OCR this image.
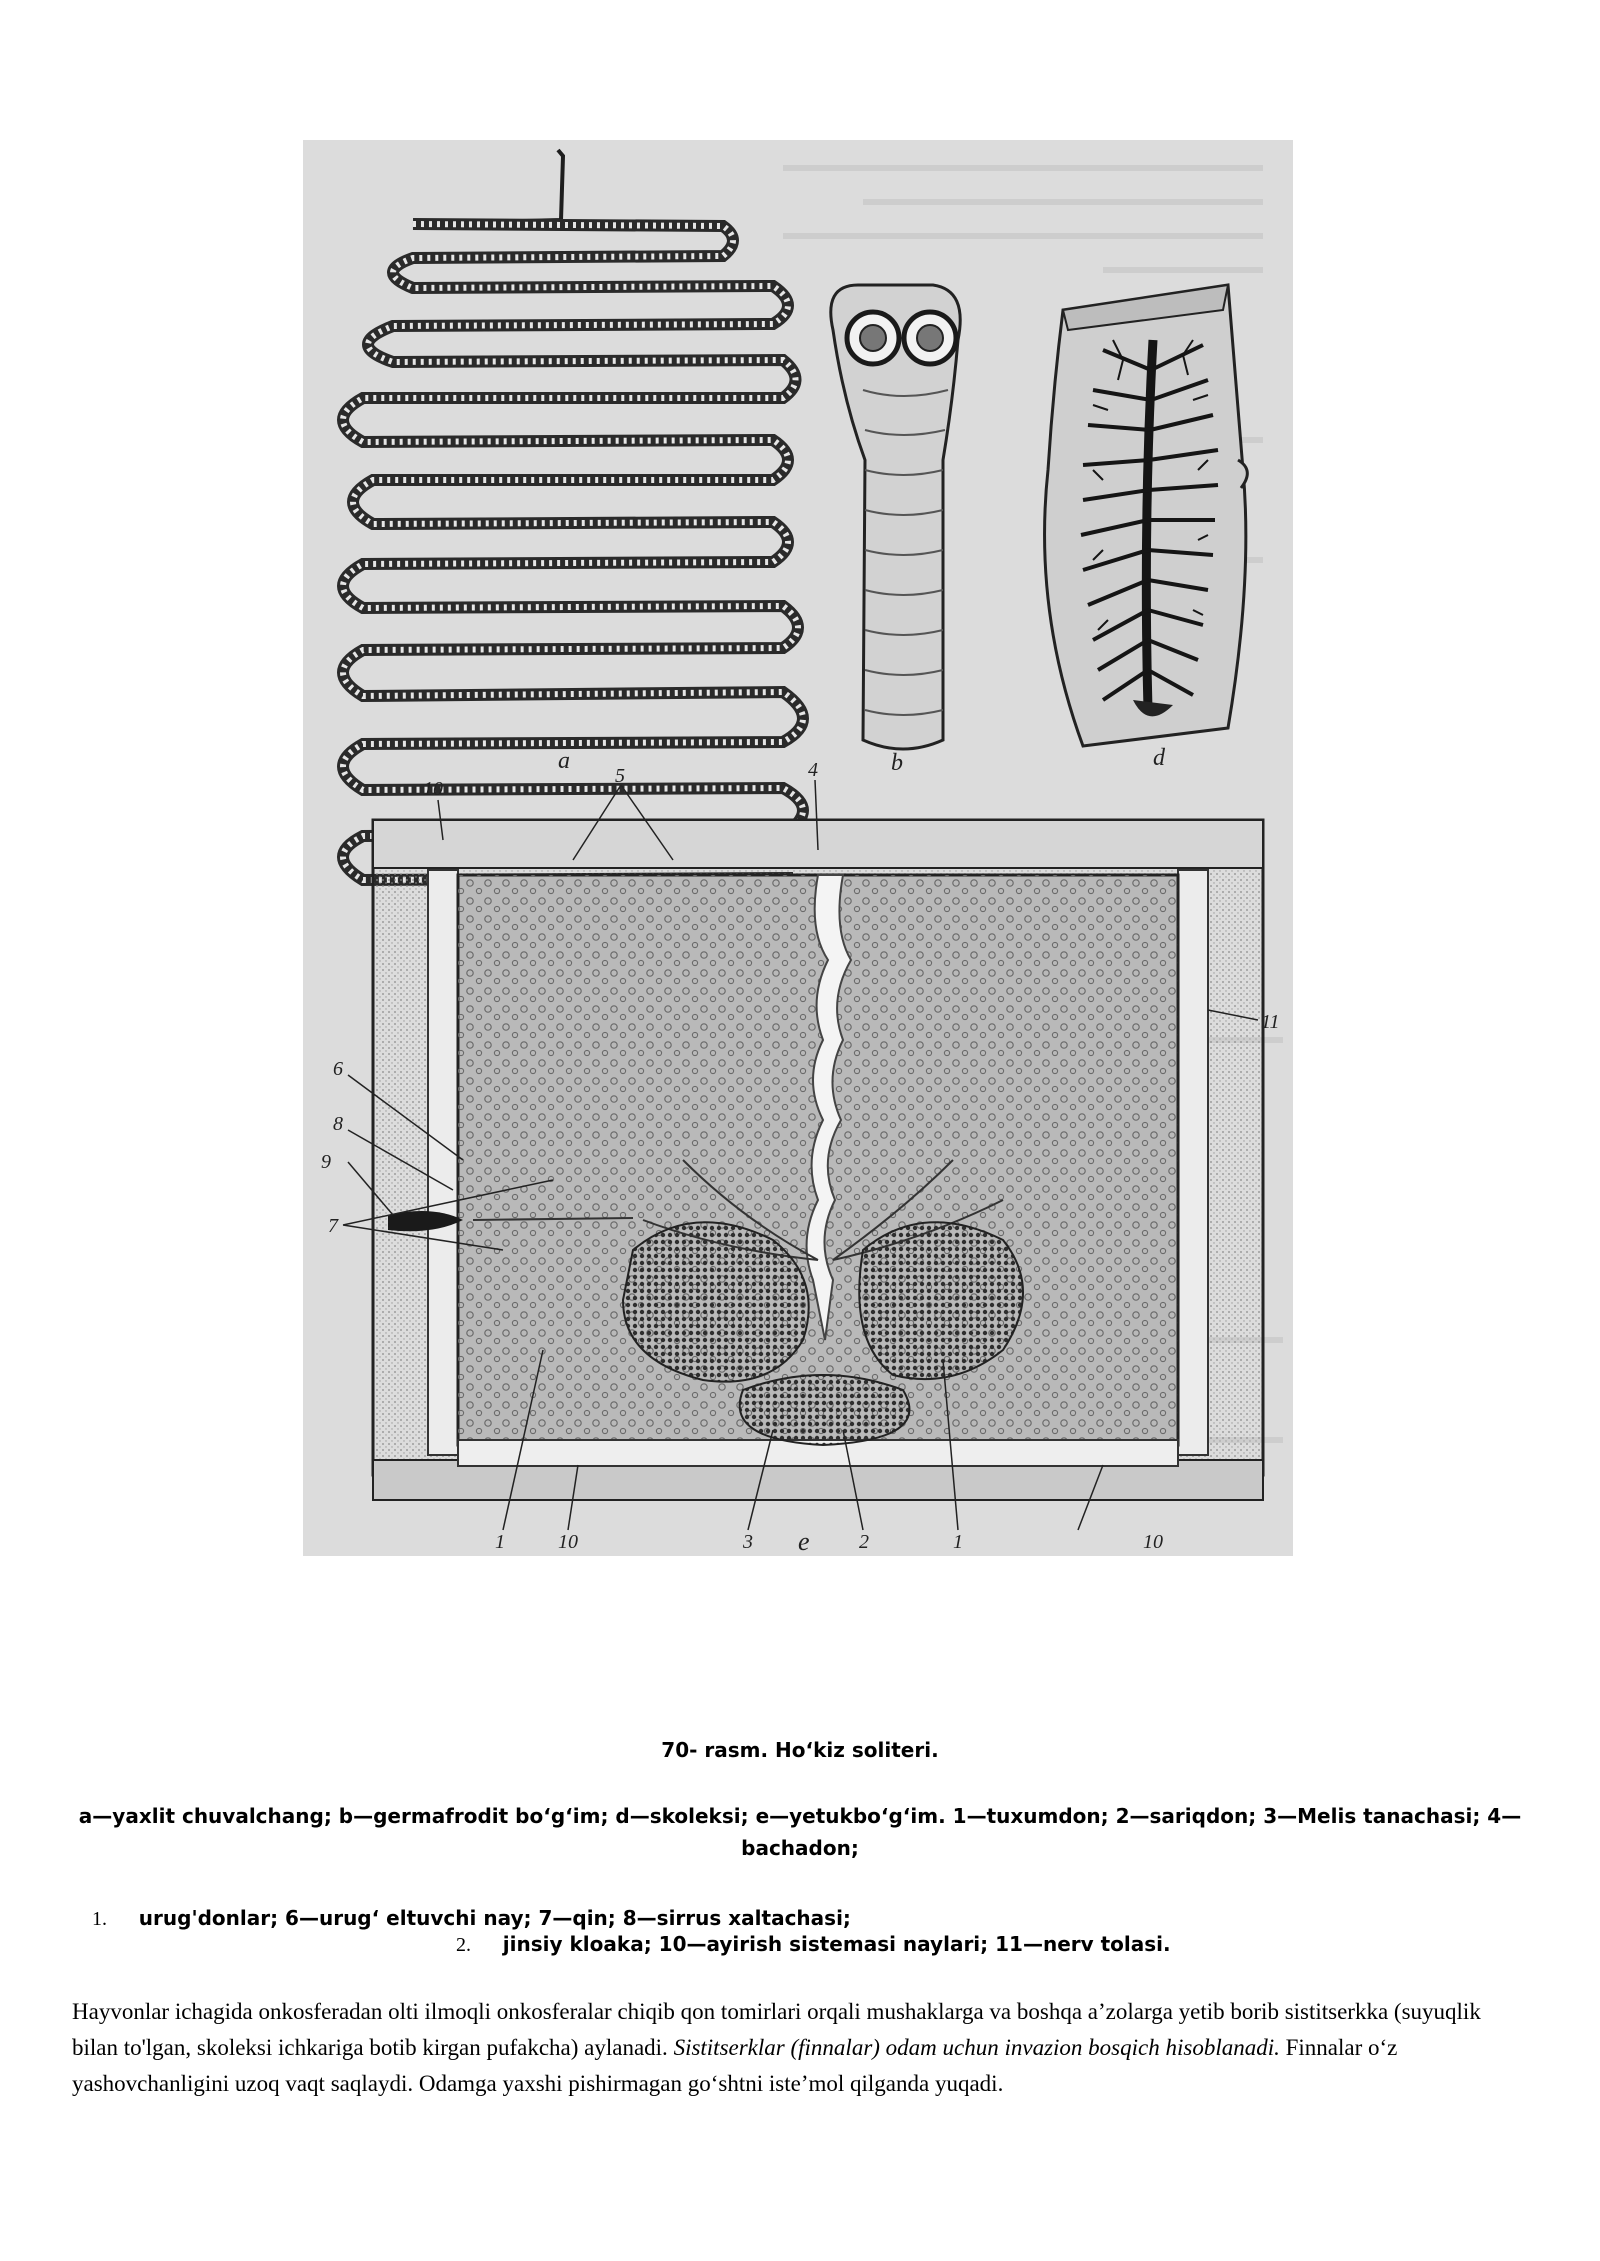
a	b	d
10
5	4
11
6
8
9
7
1	10	3	2	1	10
e
70- rasm. Ho‘kiz soliteri.
a—yaxlit chuvalchang; b—germafrodit bo‘g‘im; d—skoleksi; e—yetukbo‘g‘im. 1—tuxumdon; 2—sariqdon; 3—Melis tanachasi; 4—bachadon;
1. urug'donlar; 6—urug‘ eltuvchi nay; 7—qin; 8—sirrus xaltachasi;
2. jinsiy kloaka; 10—ayirish sistemasi naylari; 11—nerv tolasi.
Hayvonlar ichagida onkosferadan olti ilmoqli onkosferalar chiqib qon tomirlari orqali mushaklarga va boshqa a’zolarga yetib borib sistitserkka (suyuqlik bilan to'lgan, skoleksi ichkariga botib kirgan pufakcha) aylanadi. Sistitserklar (finnalar) odam uchun invazion bosqich hisoblanadi. Finnalar o‘z yashovchanligini uzoq vaqt saqlaydi. Odamga yaxshi pishirmagan go‘shtni iste’mol qilganda yuqadi.
